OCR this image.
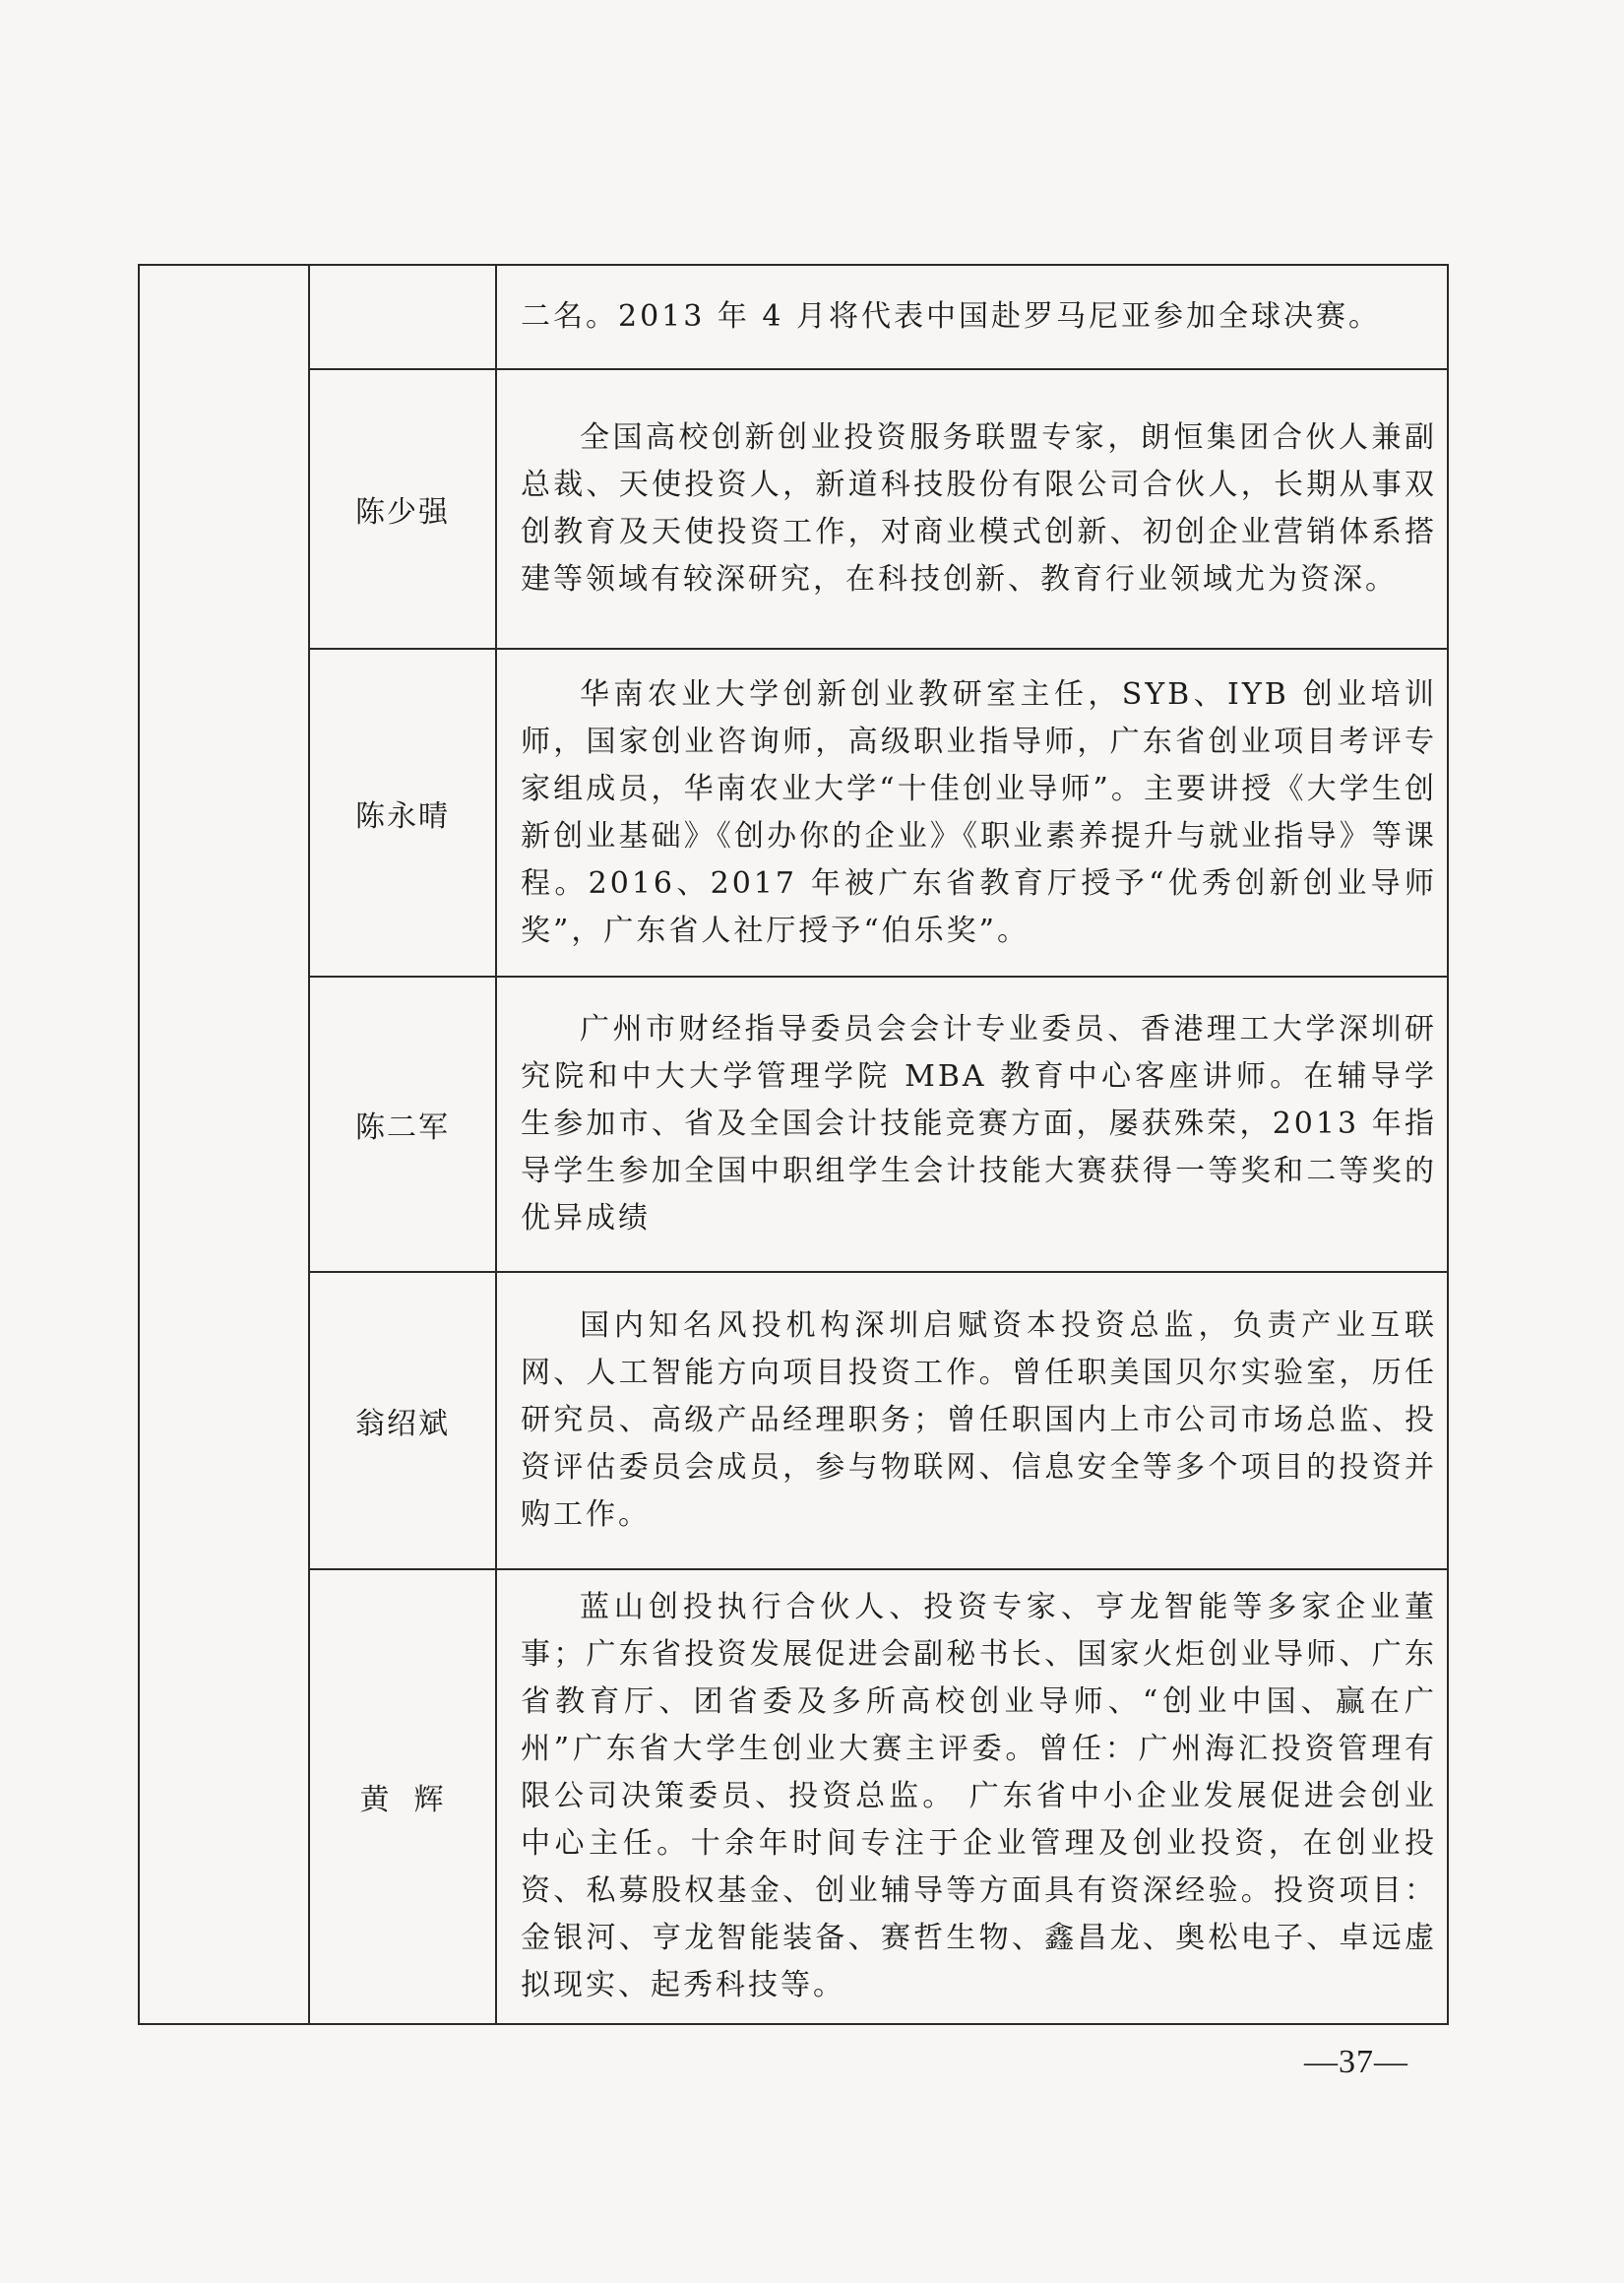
		二名。2013 年 4 月将代表中国赴罗马尼亚参加全球决赛。

	陈少强	全国高校创新创业投资服务联盟专家，朗恒集团合伙人兼副总裁、天使投资人，新道科技股份有限公司合伙人，长期从事双创教育及天使投资工作，对商业模式创新、初创企业营销体系搭建等领域有较深研究，在科技创新、教育行业领域尤为资深。

	陈永晴	华南农业大学创新创业教研室主任，SYB、IYB 创业培训师，国家创业咨询师，高级职业指导师，广东省创业项目考评专家组成员，华南农业大学“十佳创业导师”。主要讲授《大学生创新创业基础》《创办你的企业》《职业素养提升与就业指导》等课程。2016、2017 年被广东省教育厅授予“优秀创新创业导师奖”，广东省人社厅授予“伯乐奖”。

	陈二军	广州市财经指导委员会会计专业委员、香港理工大学深圳研究院和中大大学管理学院 MBA 教育中心客座讲师。在辅导学生参加市、省及全国会计技能竞赛方面，屡获殊荣，2013 年指导学生参加全国中职组学生会计技能大赛获得一等奖和二等奖的优异成绩

	翁绍斌	国内知名风投机构深圳启赋资本投资总监，负责产业互联网、人工智能方向项目投资工作。曾任职美国贝尔实验室，历任研究员、高级产品经理职务；曾任职国内上市公司市场总监、投资评估委员会成员，参与物联网、信息安全等多个项目的投资并购工作。

	黄  辉	蓝山创投执行合伙人、投资专家、亨龙智能等多家企业董事；广东省投资发展促进会副秘书长、国家火炬创业导师、广东省教育厅、团省委及多所高校创业导师、“创业中国、赢在广州”广东省大学生创业大赛主评委。曾任：广州海汇投资管理有限公司决策委员、投资总监。 广东省中小企业发展促进会创业中心主任。十余年时间专注于企业管理及创业投资，在创业投资、私募股权基金、创业辅导等方面具有资深经验。投资项目：金银河、亨龙智能装备、赛哲生物、鑫昌龙、奥松电子、卓远虚拟现实、起秀科技等。

—37—
